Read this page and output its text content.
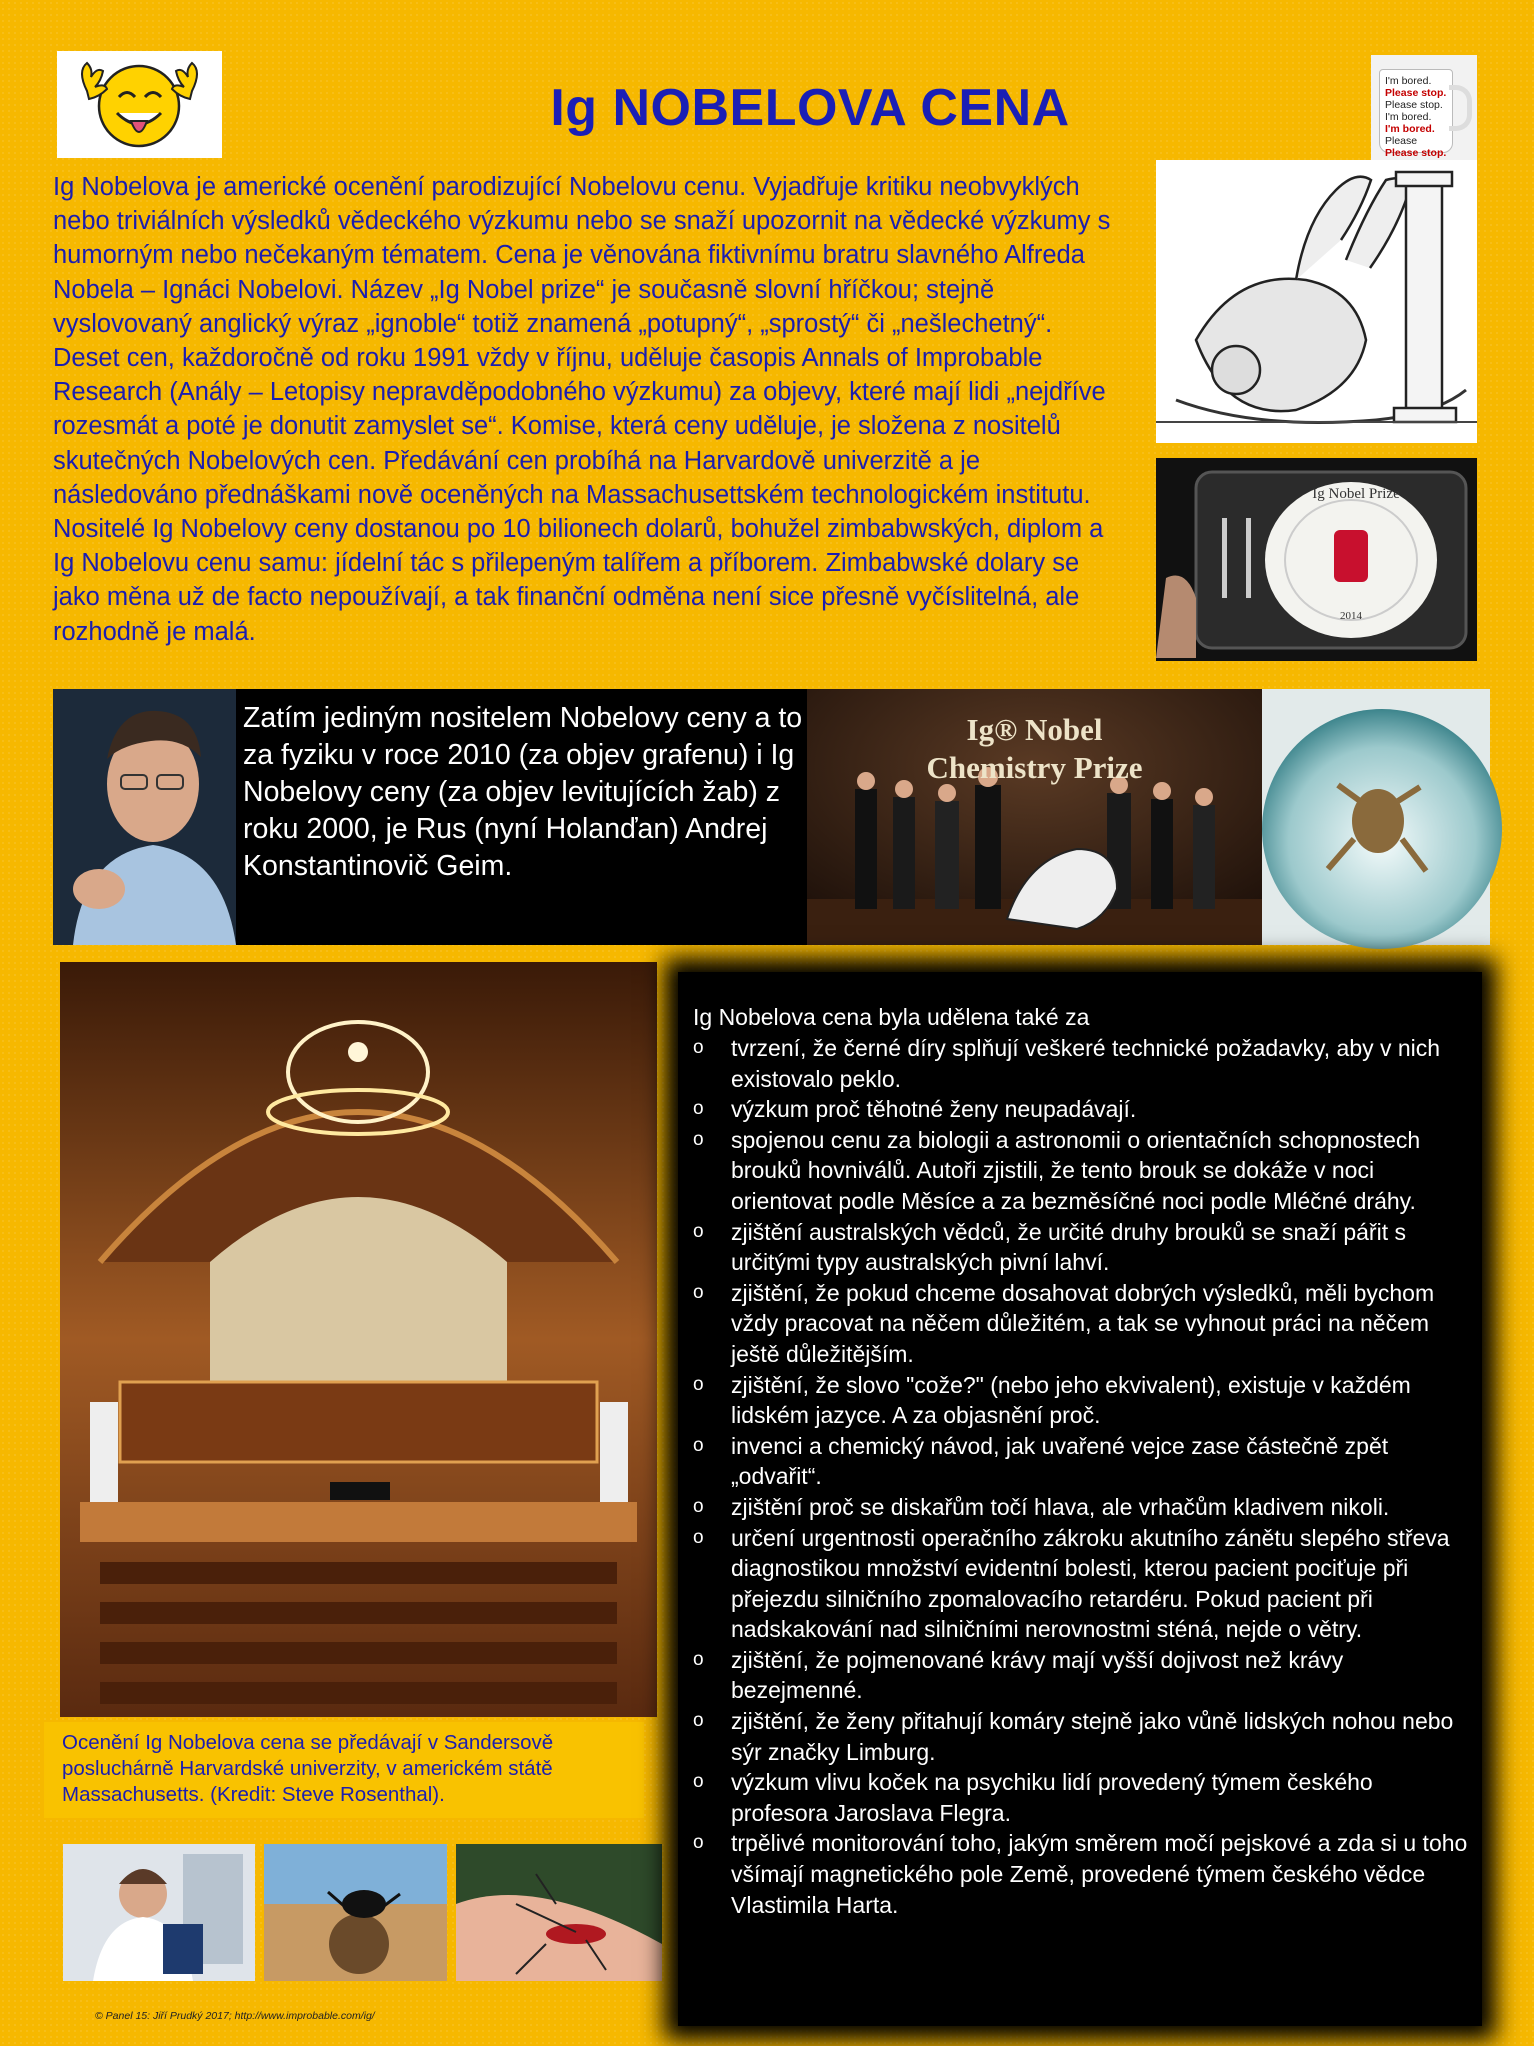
I'm bored.
Please stop.
Please stop. I'm bored.
I'm bored.
Please
Please stop.
Ig NOBELOVA CENA
Ig Nobelova je americké ocenění parodizující Nobelovu cenu. Vyjadřuje kritiku neobvyklých nebo triviálních výsledků vědeckého výzkumu nebo se snaží upozornit na vědecké výzkumy s humorným nebo nečekaným tématem. Cena je věnována fiktivnímu bratru slavného Alfreda Nobela – Ignáci Nobelovi. Název „Ig Nobel prize“ je současně slovní hříčkou; stejně vyslovovaný anglický výraz „ignoble“ totiž znamená „potupný“, „sprostý“ či „nešlechetný“. Deset cen, každoročně od roku 1991 vždy v říjnu, uděluje časopis Annals of Improbable Research (Anály – Letopisy nepravděpodobného výzkumu) za objevy, které mají lidi „nejdříve rozesmát a poté je donutit zamyslet se“. Komise, která ceny uděluje, je složena z nositelů skutečných Nobelových cen. Předávání cen probíhá na Harvardově univerzitě a je následováno přednáškami nově oceněných na Massachusettském technologickém institutu. Nositelé Ig Nobelovy ceny dostanou po 10 bilionech dolarů, bohužel zimbabwských, diplom a Ig Nobelovu cenu samu: jídelní tác s přilepeným talířem a příborem. Zimbabwské dolary se jako měna už de facto nepoužívají, a tak finanční odměna není sice přesně vyčíslitelná, ale rozhodně je malá.
Ig Nobel Prize
2014
Zatím jediným nositelem Nobelovy ceny a to za fyziku v roce 2010 (za objev grafenu) i Ig Nobelovy ceny (za objev levitujících žab) z roku 2000, je Rus (nyní Holanďan) Andrej Konstantinovič Geim.
Ig® Nobel
Chemistry Prize
Ocenění Ig Nobelova cena se předávají v Sandersově posluchárně Harvardské univerzity, v americkém státě Massachusetts. (Kredit: Steve Rosenthal).
© Panel 15: Jiří Prudký 2017; http://www.improbable.com/ig/
Ig Nobelova cena byla udělena také za
o tvrzení, že černé díry splňují veškeré technické požadavky, aby v nich existovalo peklo.
o výzkum proč těhotné ženy neupadávají.
o spojenou cenu za biologii a astronomii o orientačních schopnostech brouků hovniválů. Autoři zjistili, že tento brouk se dokáže v noci orientovat podle Měsíce a za bezměsíčné noci podle Mléčné dráhy.
o zjištění australských vědců, že určité druhy brouků se snaží pářit s určitými typy australských pivní lahví.
o zjištění, že pokud chceme dosahovat dobrých výsledků, měli bychom vždy pracovat na něčem důležitém, a tak se vyhnout práci na něčem ještě důležitějším.
o zjištění, že slovo "cože?" (nebo jeho ekvivalent), existuje v každém lidském jazyce. A za objasnění proč.
o invenci a chemický návod, jak uvařené vejce zase částečně zpět „odvařit“.
o zjištění proč se diskařům točí hlava, ale vrhačům kladivem nikoli.
o určení urgentnosti operačního zákroku akutního zánětu slepého střeva diagnostikou množství evidentní bolesti, kterou pacient pociťuje při přejezdu silničního zpomalovacího retardéru. Pokud pacient při nadskakování nad silničními nerovnostmi sténá, nejde o větry.
o zjištění, že pojmenované krávy mají vyšší dojivost než krávy bezejmenné.
o zjištění, že ženy přitahují komáry stejně jako vůně lidských nohou nebo sýr značky Limburg.
o výzkum vlivu koček na psychiku lidí provedený týmem českého profesora Jaroslava Flegra.
o trpělivé monitorování toho, jakým směrem močí pejskové a zda si u toho všímají magnetického pole Země, provedené týmem českého vědce Vlastimila Harta.
